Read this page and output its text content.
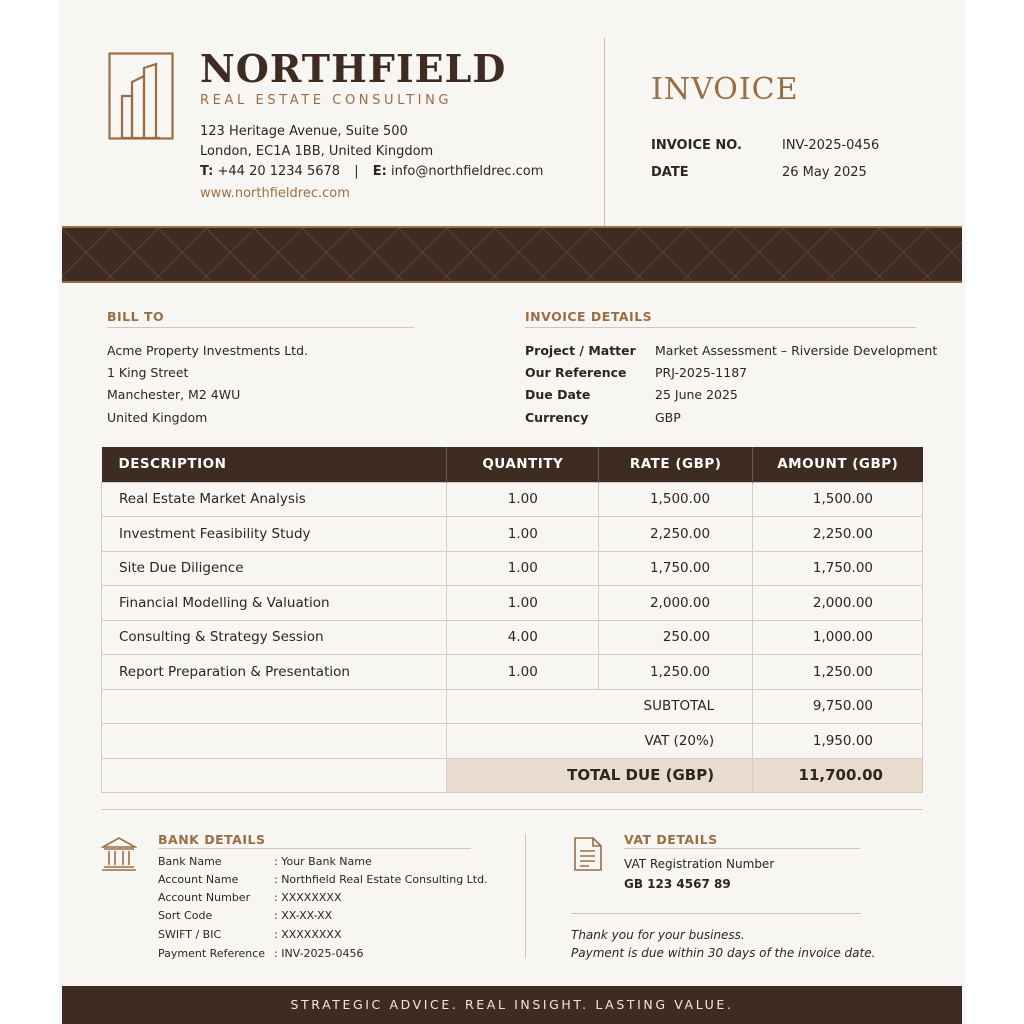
NORTHFIELD
REAL ESTATE CONSULTING
123 Heritage Avenue, Suite 500
London, EC1A 1BB, United Kingdom
T: +44 20 1234 5678 | E: info@northfieldrec.com
www.northfieldrec.com
INVOICE
INVOICE NO.	INV-2025-0456
DATE	26 May 2025
BILL TO
Acme Property Investments Ltd.
1 King Street
Manchester, M2 4WU
United Kingdom
INVOICE DETAILS
Project / Matter Market Assessment – Riverside Development
Our Reference PRJ-2025-1187
Due Date	25 June 2025
Currency	GBP
DESCRIPTION	QUANTITY	RATE (GBP)	AMOUNT (GBP)
Real Estate Market Analysis	1.00	1,500.00	1,500.00
Investment Feasibility Study	1.00	2,250.00	2,250.00
Site Due Diligence	1.00	1,750.00	1,750.00
Financial Modelling & Valuation	1.00	2,000.00	2,000.00
Consulting & Strategy Session	4.00	250.00	1,000.00
Report Preparation & Presentation	1.00	1,250.00	1,250.00
	SUBTOTAL		9,750.00
	VAT (20%)		1,950.00
	TOTAL DUE (GBP)		11,700.00
BANK DETAILS
Bank Name	: Your Bank Name
Account Name	: Northfield Real Estate Consulting Ltd.
Account Number : XXXXXXXX
Sort Code	: XX-XX-XX
SWIFT / BIC	: XXXXXXXX
Payment Reference : INV-2025-0456
VAT DETAILS
VAT Registration Number
GB 123 4567 89
Thank you for your business.
Payment is due within 30 days of the invoice date.
STRATEGIC ADVICE. REAL INSIGHT. LASTING VALUE.
